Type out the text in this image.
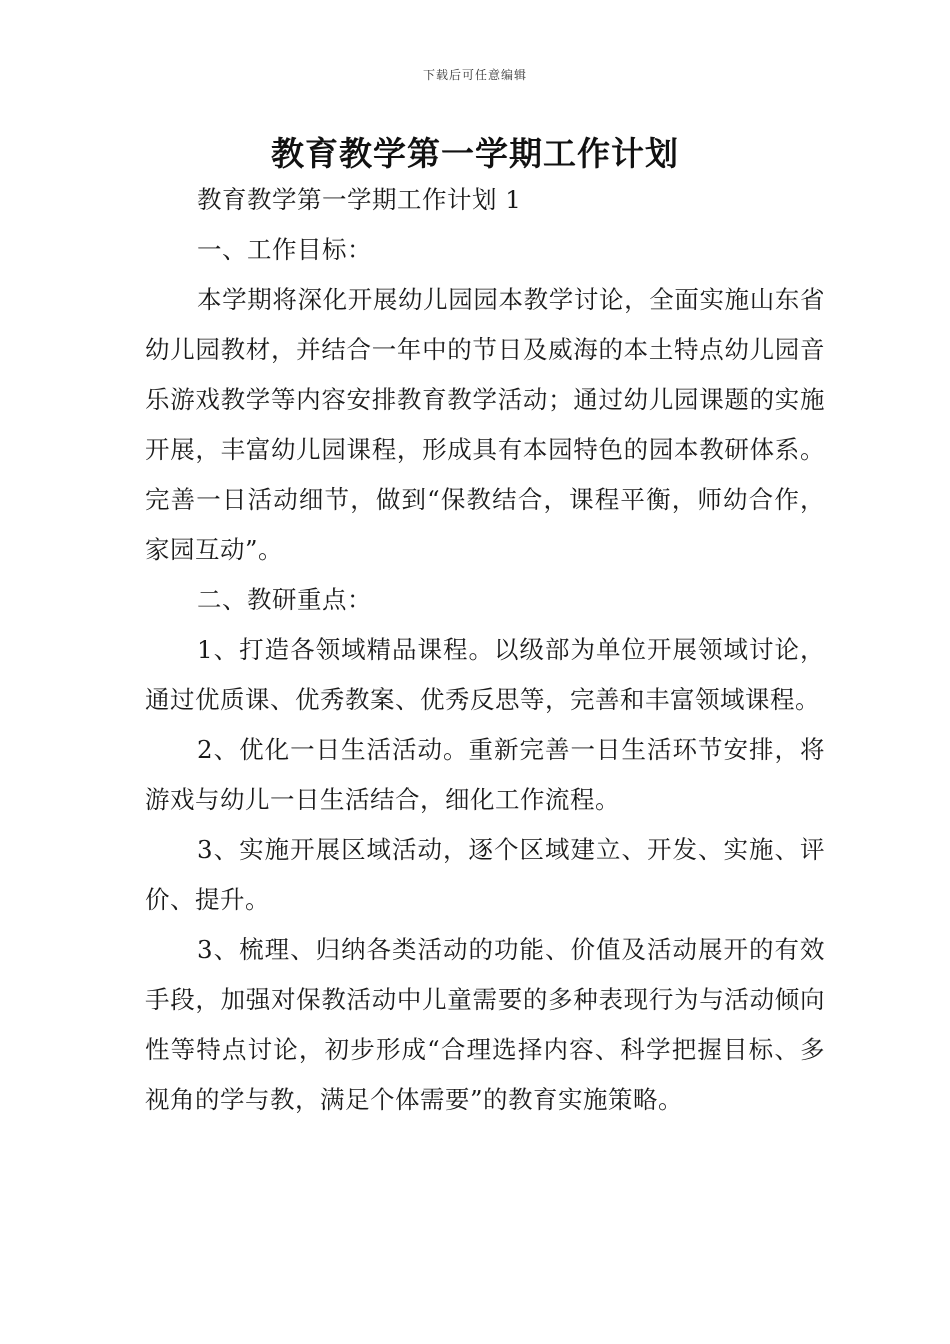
下载后可任意编辑
教育教学第一学期工作计划

教育教学第一学期工作计划 1

一、工作目标：

本学期将深化开展幼儿园园本教学讨论，全面实施山东省幼儿园教材，并结合一年中的节日及威海的本土特点幼儿园音乐游戏教学等内容安排教育教学活动；通过幼儿园课题的实施开展，丰富幼儿园课程，形成具有本园特色的园本教研体系。完善一日活动细节，做到“保教结合，课程平衡，师幼合作，家园互动”。

二、教研重点：

1、打造各领域精品课程。以级部为单位开展领域讨论，通过优质课、优秀教案、优秀反思等，完善和丰富领域课程。

2、优化一日生活活动。重新完善一日生活环节安排，将游戏与幼儿一日生活结合，细化工作流程。

3、实施开展区域活动，逐个区域建立、开发、实施、评价、提升。

3、梳理、归纳各类活动的功能、价值及活动展开的有效手段，加强对保教活动中儿童需要的多种表现行为与活动倾向性等特点讨论，初步形成“合理选择内容、科学把握目标、多视角的学与教，满足个体需要”的教育实施策略。
